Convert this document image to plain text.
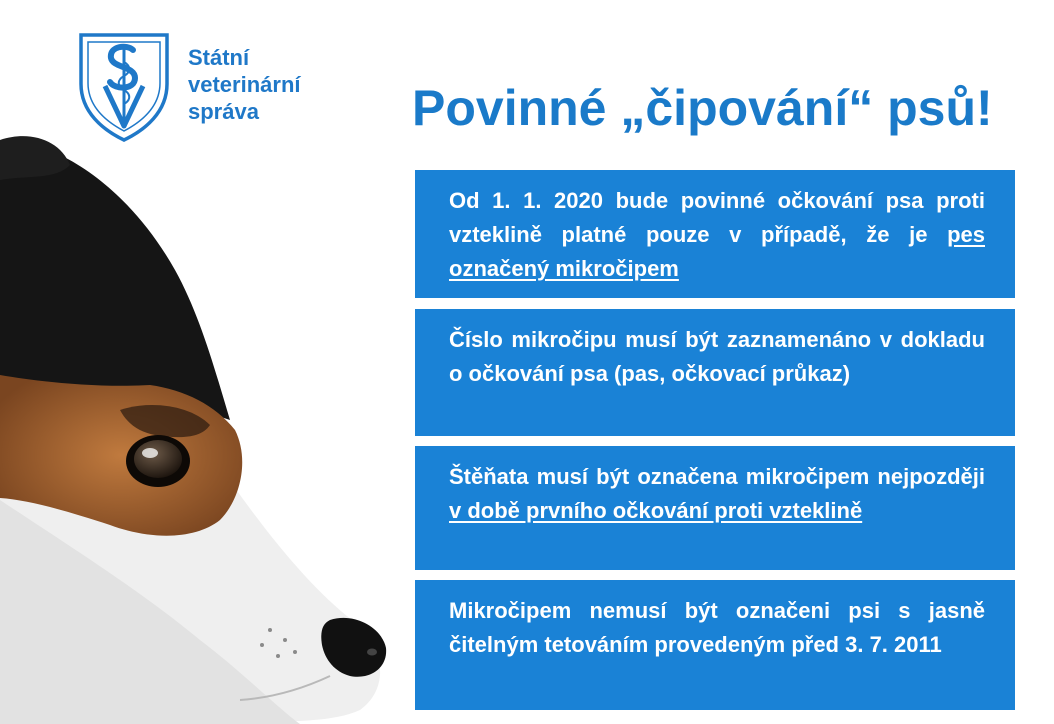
Státní
veterinární
správa	Povinné „čipování“ psů!
Od 1. 1. 2020 bude povinné očkování psa proti vzteklině platné pouze v případě, že je pes označený mikročipem
Číslo mikročipu musí být zaznamenáno v dokladu o očkování psa (pas, očkovací průkaz)
Štěňata musí být označena mikročipem nejpozději v době prvního očkování proti vzteklině
Mikročipem nemusí být označeni psi s jasně čitelným tetováním provedeným před 3. 7. 2011
